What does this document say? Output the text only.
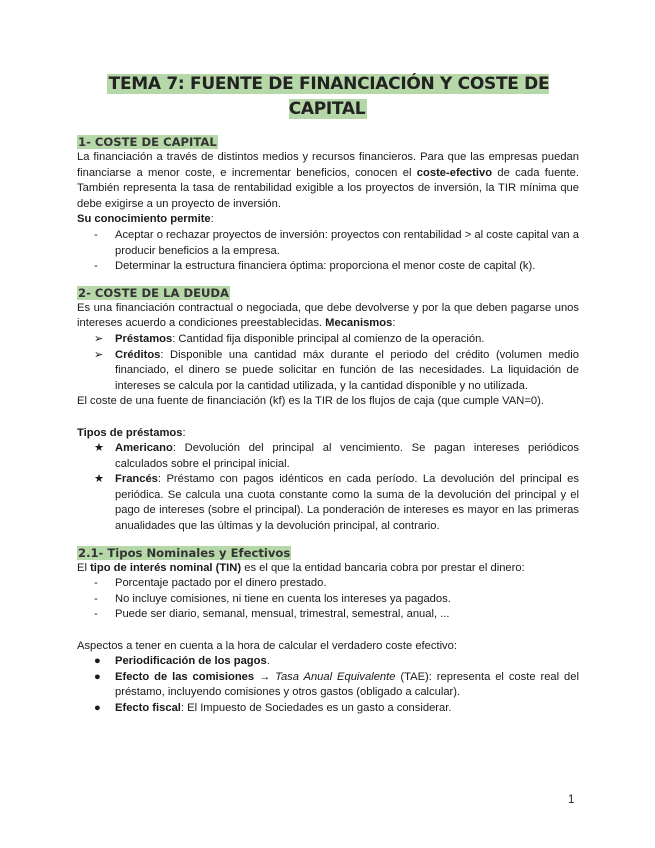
TEMA 7: FUENTE DE FINANCIACIÓN Y COSTE DE CAPITAL
1- COSTE DE CAPITAL

La financiación a través de distintos medios y recursos financieros. Para que las empresas puedan financiarse a menor coste, e incrementar beneficios, conocen el coste-efectivo de cada fuente. También representa la tasa de rentabilidad exigible a los proyectos de inversión, la TIR mínima que debe exigirse a un proyecto de inversión.

Su conocimiento permite:

-	Aceptar o rechazar proyectos de inversión: proyectos con rentabilidad > al coste capital van a producir beneficios a la empresa.
-	Determinar la estructura financiera óptima: proporciona el menor coste de capital (k).
2- COSTE DE LA DEUDA

Es una financiación contractual o negociada, que debe devolverse y por la que deben pagarse unos intereses acuerdo a condiciones preestablecidas. Mecanismos:

➢	Préstamos: Cantidad fija disponible principal al comienzo de la operación.
➢	Créditos: Disponible una cantidad máx durante el periodo del crédito (volumen medio financiado, el dinero se puede solicitar en función de las necesidades. La liquidación de intereses se calcula por la cantidad utilizada, y la cantidad disponible y no utilizada.

El coste de una fuente de financiación (kf) es la TIR de los flujos de caja (que cumple VAN=0).

Tipos de préstamos:

★ Americano: Devolución del principal al vencimiento. Se pagan intereses periódicos calculados sobre el principal inicial.
★ Francés: Préstamo con pagos idénticos en cada período. La devolución del principal es periódica. Se calcula una cuota constante como la suma de la devolución del principal y el pago de intereses (sobre el principal). La ponderación de intereses es mayor en las primeras anualidades que las últimas y la devolución principal, al contrario.
2.1- Tipos Nominales y Efectivos

El tipo de interés nominal (TIN) es el que la entidad bancaria cobra por prestar el dinero:

-	Porcentaje pactado por el dinero prestado.
-	No incluye comisiones, ni tiene en cuenta los intereses ya pagados.
-	Puede ser diario, semanal, mensual, trimestral, semestral, anual, ...

Aspectos a tener en cuenta a la hora de calcular el verdadero coste efectivo:

●	Periodificación de los pagos.
●	Efecto de las comisiones → Tasa Anual Equivalente (TAE): representa el coste real del préstamo, incluyendo comisiones y otros gastos (obligado a calcular).
●	Efecto fiscal: El Impuesto de Sociedades es un gasto a considerar.
1
